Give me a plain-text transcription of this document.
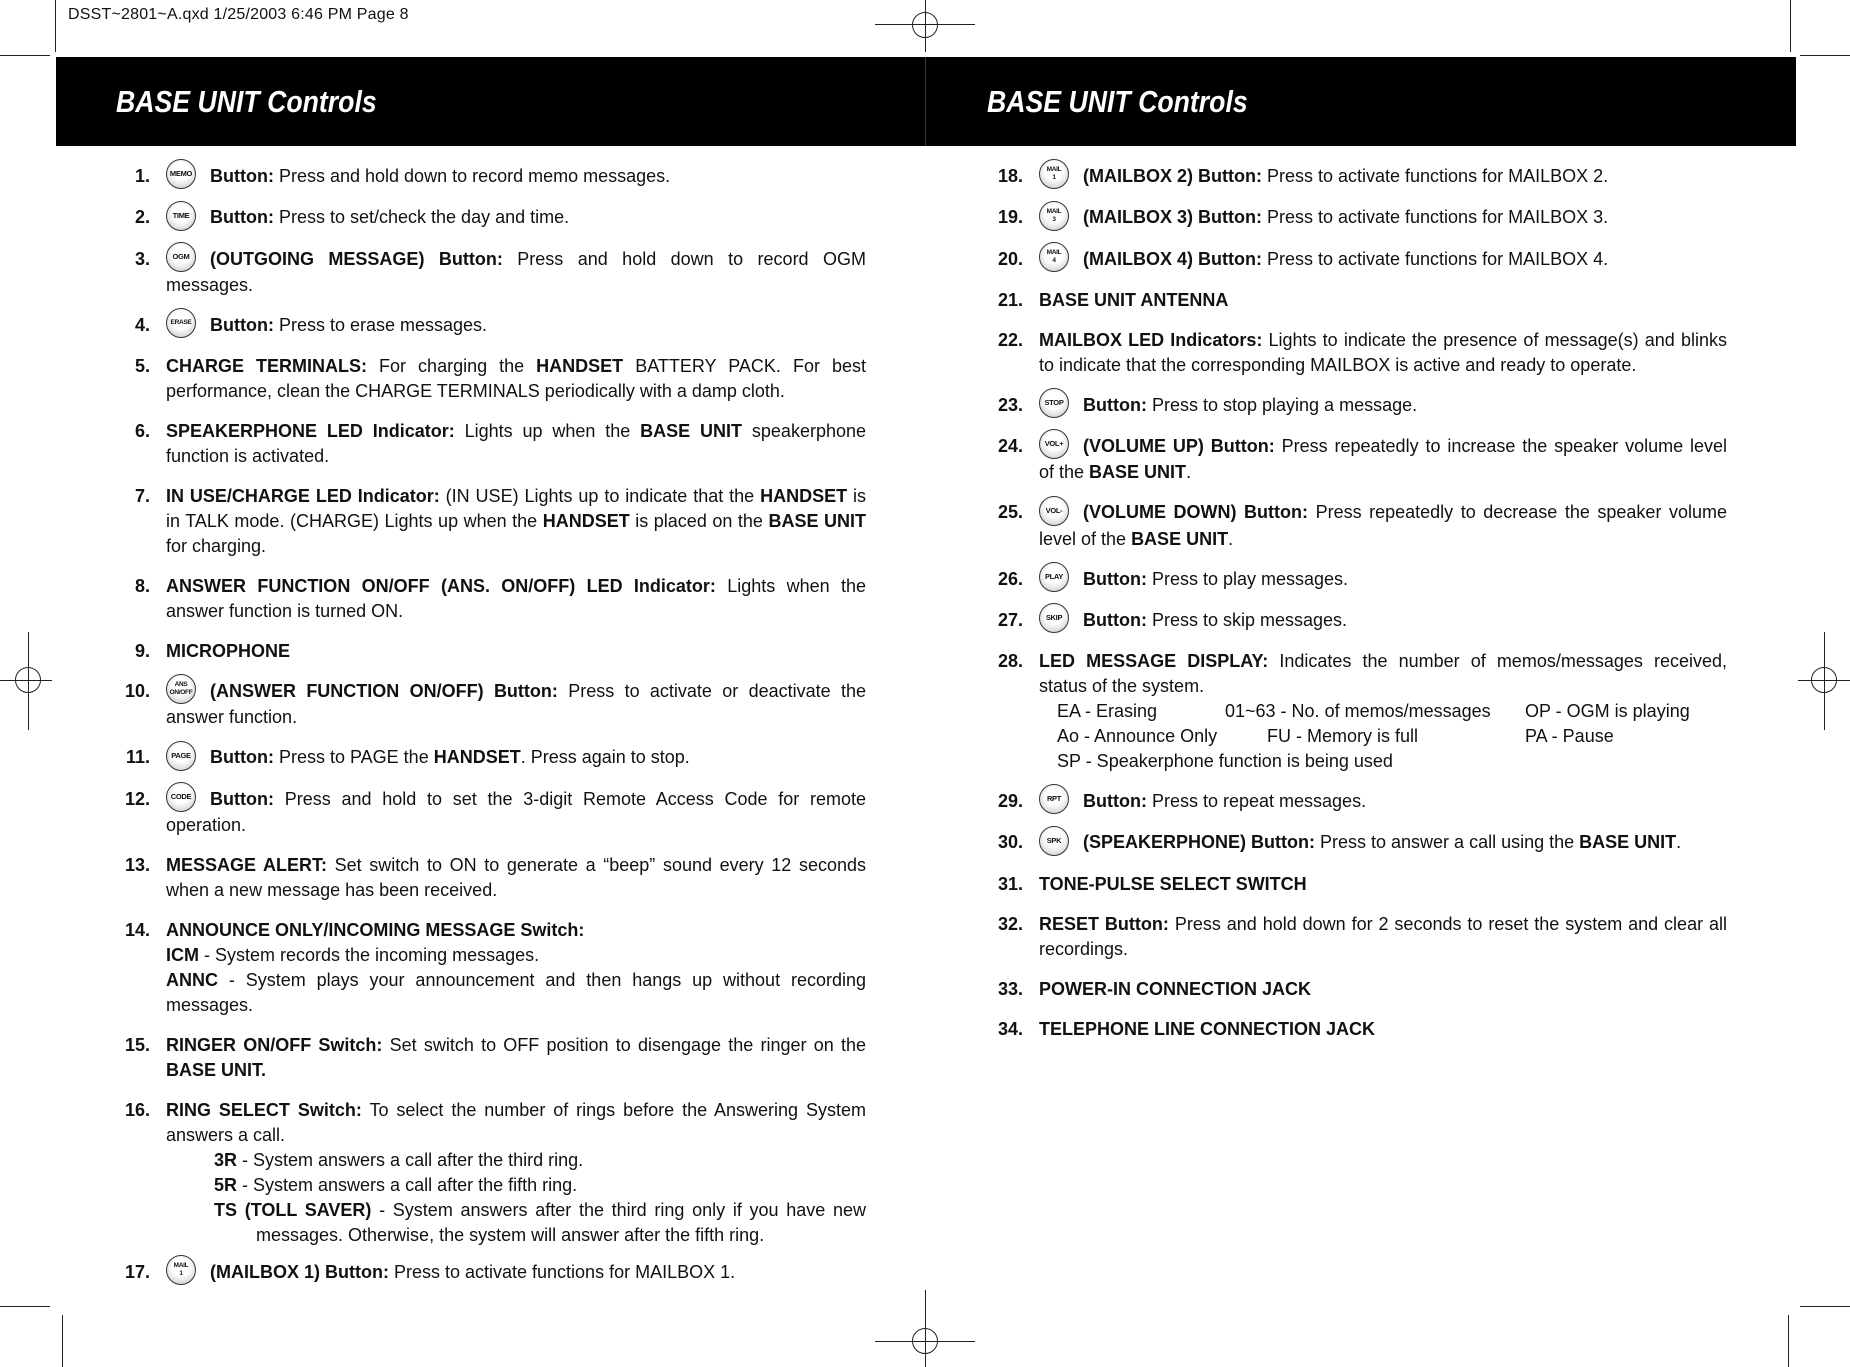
DSST~2801~A.qxd 1/25/2003 6:46 PM Page 8
BASE UNIT Controls	BASE UNIT Controls
1.	MEMO Button: Press and hold down to record memo messages.
2.	TIME Button: Press to set/check the day and time.
3.	OGM (OUTGOING MESSAGE) Button: Press and hold down to record OGM messages.
4.	ERASE Button: Press to erase messages.
5. CHARGE TERMINALS: For charging the HANDSET BATTERY PACK. For best performance, clean the CHARGE TERMINALS periodically with a damp cloth.
6. SPEAKERPHONE LED Indicator: Lights up when the BASE UNIT speakerphone function is activated.
7. IN USE/CHARGE LED Indicator: (IN USE) Lights up to indicate that the HANDSET is in TALK mode. (CHARGE) Lights up when the HANDSET is placed on the BASE UNIT for charging.
8. ANSWER FUNCTION ON/OFF (ANS. ON/OFF) LED Indicator: Lights when the answer function is turned ON.
9. MICROPHONE
10.	ANS
ON/OFF (ANSWER FUNCTION ON/OFF) Button: Press to activate or deactivate the answer function.
11.	PAGE Button: Press to PAGE the HANDSET. Press again to stop.
12.	CODE Button: Press and hold to set the 3-digit Remote Access Code for remote operation.
13. MESSAGE ALERT: Set switch to ON to generate a “beep” sound every 12 seconds when a new message has been received.
14. ANNOUNCE ONLY/INCOMING MESSAGE Switch:
ICM - System records the incoming messages.
ANNC - System plays your announcement and then hangs up without recording messages.
15. RINGER ON/OFF Switch: Set switch to OFF position to disengage the ringer on the BASE UNIT.
16. RING SELECT Switch: To select the number of rings before the Answering System answers a call.
3R - System answers a call after the third ring.
5R - System answers a call after the fifth ring.
TS (TOLL SAVER) - System answers after the third ring only if you have new messages. Otherwise, the system will answer after the fifth ring.
17.	MAIL
1 (MAILBOX 1) Button: Press to activate functions for MAILBOX 1.
18.	MAIL
1 (MAILBOX 2) Button: Press to activate functions for MAILBOX 2.
19.	MAIL
3 (MAILBOX 3) Button: Press to activate functions for MAILBOX 3.
20.	MAIL
4 (MAILBOX 4) Button: Press to activate functions for MAILBOX 4.
21. BASE UNIT ANTENNA
22. MAILBOX LED Indicators: Lights to indicate the presence of message(s) and blinks to indicate that the corresponding MAILBOX is active and ready to operate.
23.	STOP Button: Press to stop playing a message.
24.	VOL+ (VOLUME UP) Button: Press repeatedly to increase the speaker volume level of the BASE UNIT.
25.	VOL- (VOLUME DOWN) Button: Press repeatedly to decrease the speaker volume level of the BASE UNIT.
26.	PLAY Button: Press to play messages.
27.	SKIP Button: Press to skip messages.
28. LED MESSAGE DISPLAY: Indicates the number of memos/messages received, status of the system.
EA - Erasing	01~63 - No. of memos/messages	OP - OGM is playing
Ao - Announce Only	FU - Memory is full	PA - Pause
SP - Speakerphone function is being used
29.	RPT Button: Press to repeat messages.
30.	SPK (SPEAKERPHONE) Button: Press to answer a call using the BASE UNIT.
31. TONE-PULSE SELECT SWITCH
32. RESET Button: Press and hold down for 2 seconds to reset the system and clear all recordings.
33. POWER-IN CONNECTION JACK
34. TELEPHONE LINE CONNECTION JACK
